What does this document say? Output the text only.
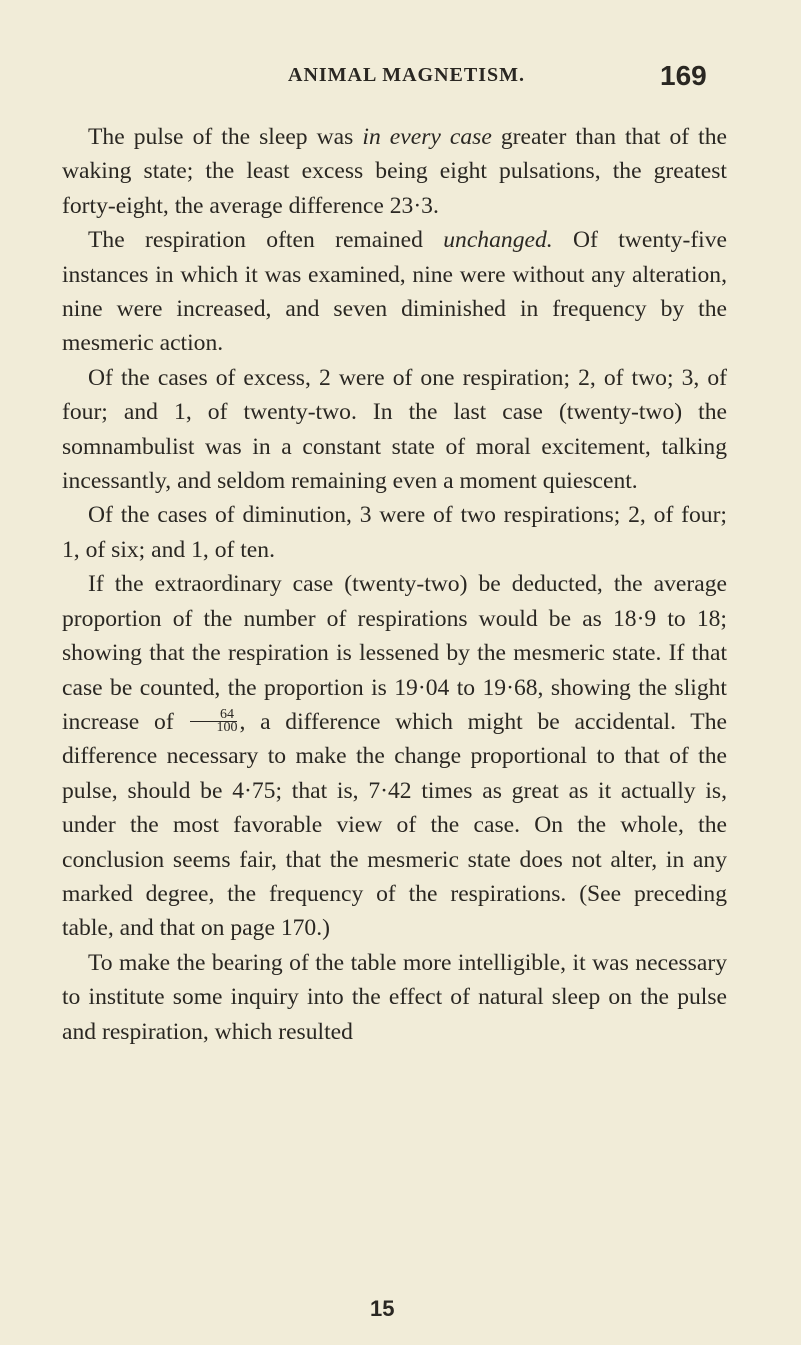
ANIMAL MAGNETISM.	169

The pulse of the sleep was in every case greater than that of the waking state; the least excess being eight pulsations, the greatest forty-eight, the average difference 23·3.

The respiration often remained unchanged. Of twenty-five instances in which it was examined, nine were without any alteration, nine were increased, and seven diminished in frequency by the mesmeric action.

Of the cases of excess, 2 were of one respiration; 2, of two; 3, of four; and 1, of twenty-two. In the last case (twenty-two) the somnambulist was in a constant state of moral excitement, talking incessantly, and seldom remaining even a moment quiescent.

Of the cases of diminution, 3 were of two respirations; 2, of four; 1, of six; and 1, of ten.

If the extraordinary case (twenty-two) be deducted, the average proportion of the number of respirations would be as 18·9 to 18; showing that the respiration is lessened by the mesmeric state. If that case be counted, the proportion is 19·04 to 19·68, showing the slight increase of $\frac{64}{100}$ , a difference which might be accidental. The difference necessary to make the change proportional to that of the pulse, should be 4·75; that is, 7·42 times as great as it actually is, under the most favorable view of the case. On the whole, the conclusion seems fair, that the mesmeric state does not alter, in any marked degree, the frequency of the respirations. (See preceding table, and that on page 170.)

To make the bearing of the table more intelligible, it was necessary to institute some inquiry into the effect of natural sleep on the pulse and respiration, which resulted

15
